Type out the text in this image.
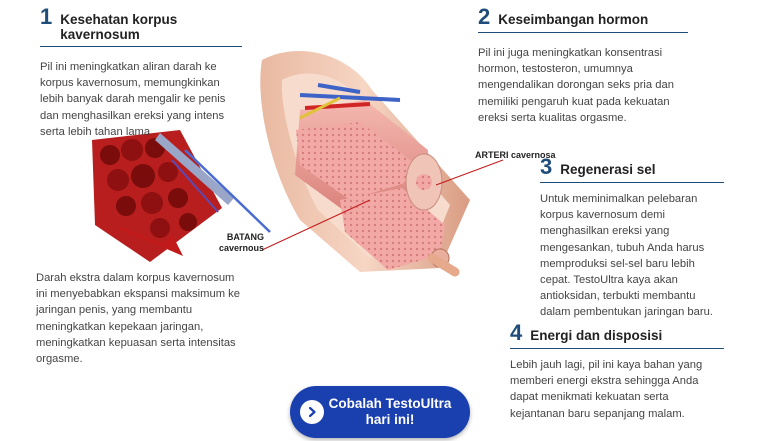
1 Kesehatan korpus kavernosum
Pil ini meningkatkan aliran darah ke korpus kavernosum, memungkinkan lebih banyak darah mengalir ke penis dan menghasilkan ereksi yang intens serta lebih tahan lama.
2 Keseimbangan hormon
Pil ini juga meningkatkan konsentrasi hormon, testosteron, umumnya mengendalikan dorongan seks pria dan memiliki pengaruh kuat pada kekuatan ereksi serta kualitas orgasme.
3 Regenerasi sel
Untuk meminimalkan pelebaran korpus kavernosum demi menghasilkan ereksi yang mengesankan, tubuh Anda harus memproduksi sel-sel baru lebih cepat. TestoUltra kaya akan antioksidan, terbukti membantu dalam pembentukan jaringan baru.
4 Energi dan disposisi
Lebih jauh lagi, pil ini kaya bahan yang memberi energi ekstra sehingga Anda dapat menikmati kekuatan serta kejantanan baru sepanjang malam.
Darah ekstra dalam korpus kavernosum ini menyebabkan ekspansi maksimum ke jaringan penis, yang membantu meningkatkan kepekaan jaringan, meningkatkan kepuasan serta intensitas orgasme.
BATANG cavernous
ARTERI cavernosa
Cobalah TestoUltra hari ini!
